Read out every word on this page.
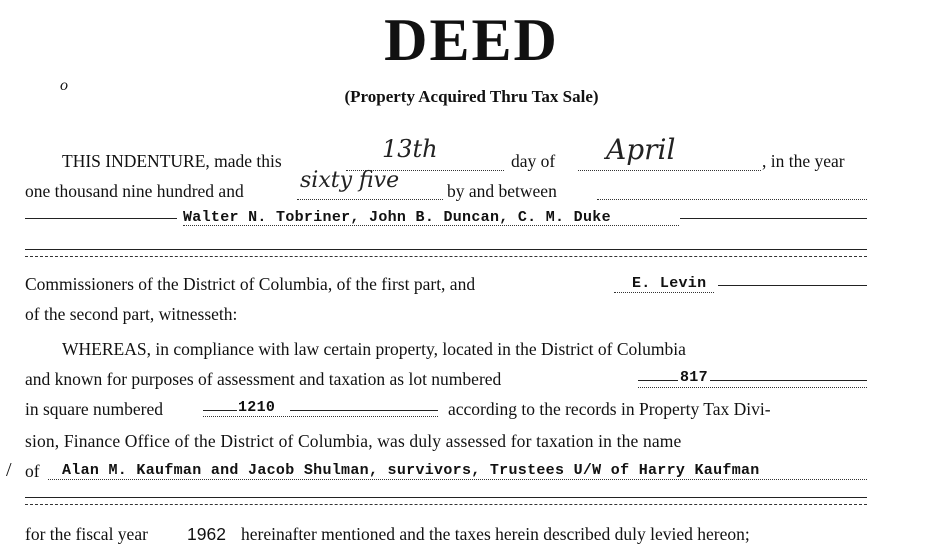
DEED
(Property Acquired Thru Tax Sale)
o
THIS INDENTURE, made this	13th	day of April	, in the year
one thousand nine hundred and	sixty five	by and between
Walter N. Tobriner, John B. Duncan, C. M. Duke
Commissioners of the District of Columbia, of the first part, and	E. Levin
of the second part, witnesseth:
WHEREAS, in compliance with law certain property, located in the District of Columbia
and known for purposes of assessment and taxation as lot numbered	817
in square numbered	1210	according to the records in Property Tax Divi-
sion, Finance Office of the District of Columbia, was duly assessed for taxation in the name
/ of Alan M. Kaufman and Jacob Shulman, survivors, Trustees U/W of Harry Kaufman
for the fiscal year 1962 hereinafter mentioned and the taxes herein described duly levied hereon;
